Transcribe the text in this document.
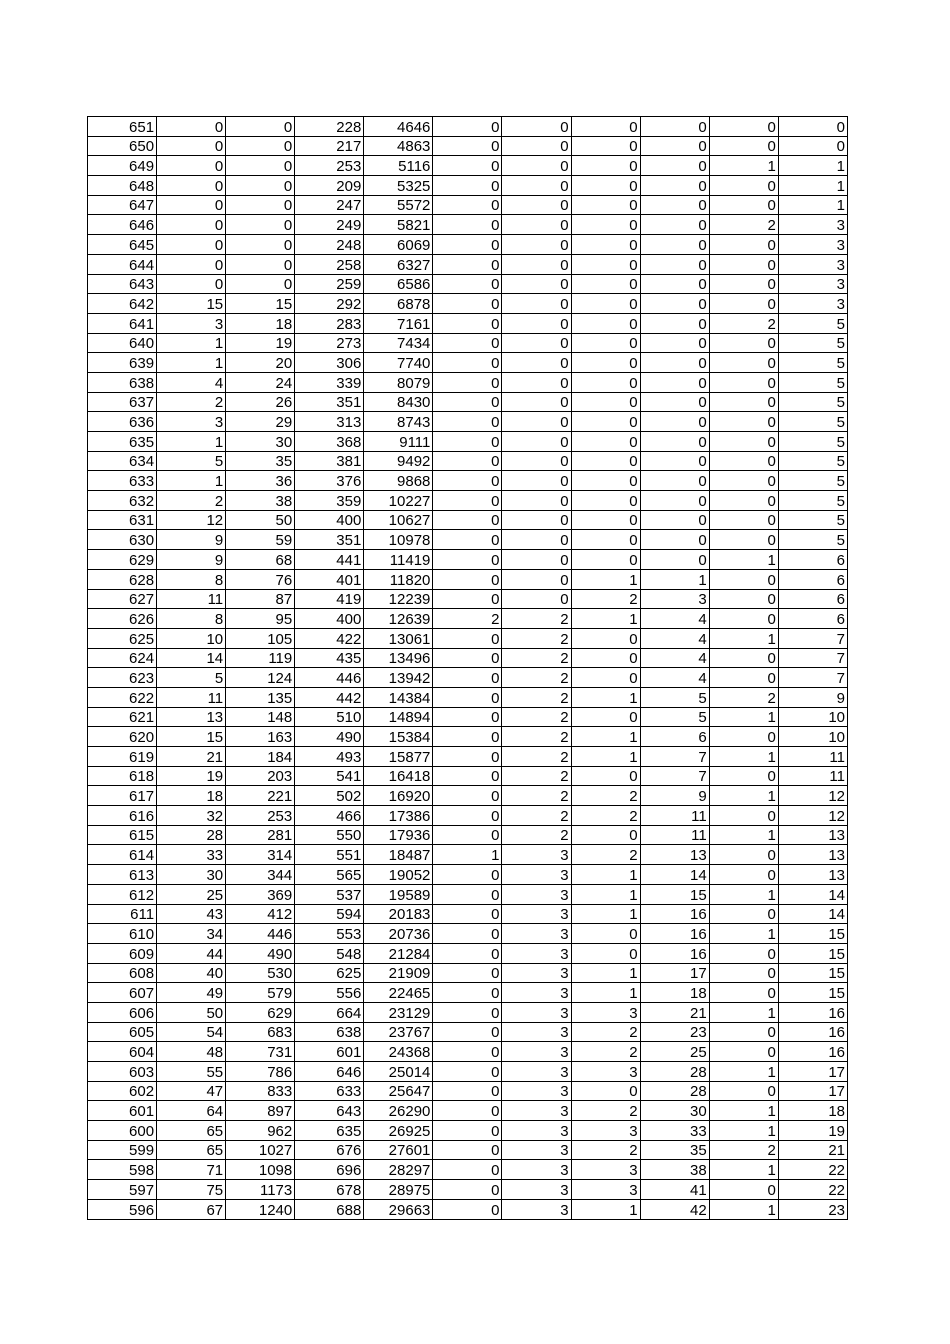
651	0	0	228	4646	0	0	0	0	0	0
650	0	0	217	4863	0	0	0	0	0	0
649	0	0	253	5116	0	0	0	0	1	1
648	0	0	209	5325	0	0	0	0	0	1
647	0	0	247	5572	0	0	0	0	0	1
646	0	0	249	5821	0	0	0	0	2	3
645	0	0	248	6069	0	0	0	0	0	3
644	0	0	258	6327	0	0	0	0	0	3
643	0	0	259	6586	0	0	0	0	0	3
642	15	15	292	6878	0	0	0	0	0	3
641	3	18	283	7161	0	0	0	0	2	5
640	1	19	273	7434	0	0	0	0	0	5
639	1	20	306	7740	0	0	0	0	0	5
638	4	24	339	8079	0	0	0	0	0	5
637	2	26	351	8430	0	0	0	0	0	5
636	3	29	313	8743	0	0	0	0	0	5
635	1	30	368	9111	0	0	0	0	0	5
634	5	35	381	9492	0	0	0	0	0	5
633	1	36	376	9868	0	0	0	0	0	5
632	2	38	359	10227	0	0	0	0	0	5
631	12	50	400	10627	0	0	0	0	0	5
630	9	59	351	10978	0	0	0	0	0	5
629	9	68	441	11419	0	0	0	0	1	6
628	8	76	401	11820	0	0	1	1	0	6
627	11	87	419	12239	0	0	2	3	0	6
626	8	95	400	12639	2	2	1	4	0	6
625	10	105	422	13061	0	2	0	4	1	7
624	14	119	435	13496	0	2	0	4	0	7
623	5	124	446	13942	0	2	0	4	0	7
622	11	135	442	14384	0	2	1	5	2	9
621	13	148	510	14894	0	2	0	5	1	10
620	15	163	490	15384	0	2	1	6	0	10
619	21	184	493	15877	0	2	1	7	1	11
618	19	203	541	16418	0	2	0	7	0	11
617	18	221	502	16920	0	2	2	9	1	12
616	32	253	466	17386	0	2	2	11	0	12
615	28	281	550	17936	0	2	0	11	1	13
614	33	314	551	18487	1	3	2	13	0	13
613	30	344	565	19052	0	3	1	14	0	13
612	25	369	537	19589	0	3	1	15	1	14
611	43	412	594	20183	0	3	1	16	0	14
610	34	446	553	20736	0	3	0	16	1	15
609	44	490	548	21284	0	3	0	16	0	15
608	40	530	625	21909	0	3	1	17	0	15
607	49	579	556	22465	0	3	1	18	0	15
606	50	629	664	23129	0	3	3	21	1	16
605	54	683	638	23767	0	3	2	23	0	16
604	48	731	601	24368	0	3	2	25	0	16
603	55	786	646	25014	0	3	3	28	1	17
602	47	833	633	25647	0	3	0	28	0	17
601	64	897	643	26290	0	3	2	30	1	18
600	65	962	635	26925	0	3	3	33	1	19
599	65	1027	676	27601	0	3	2	35	2	21
598	71	1098	696	28297	0	3	3	38	1	22
597	75	1173	678	28975	0	3	3	41	0	22
596	67	1240	688	29663	0	3	1	42	1	23
